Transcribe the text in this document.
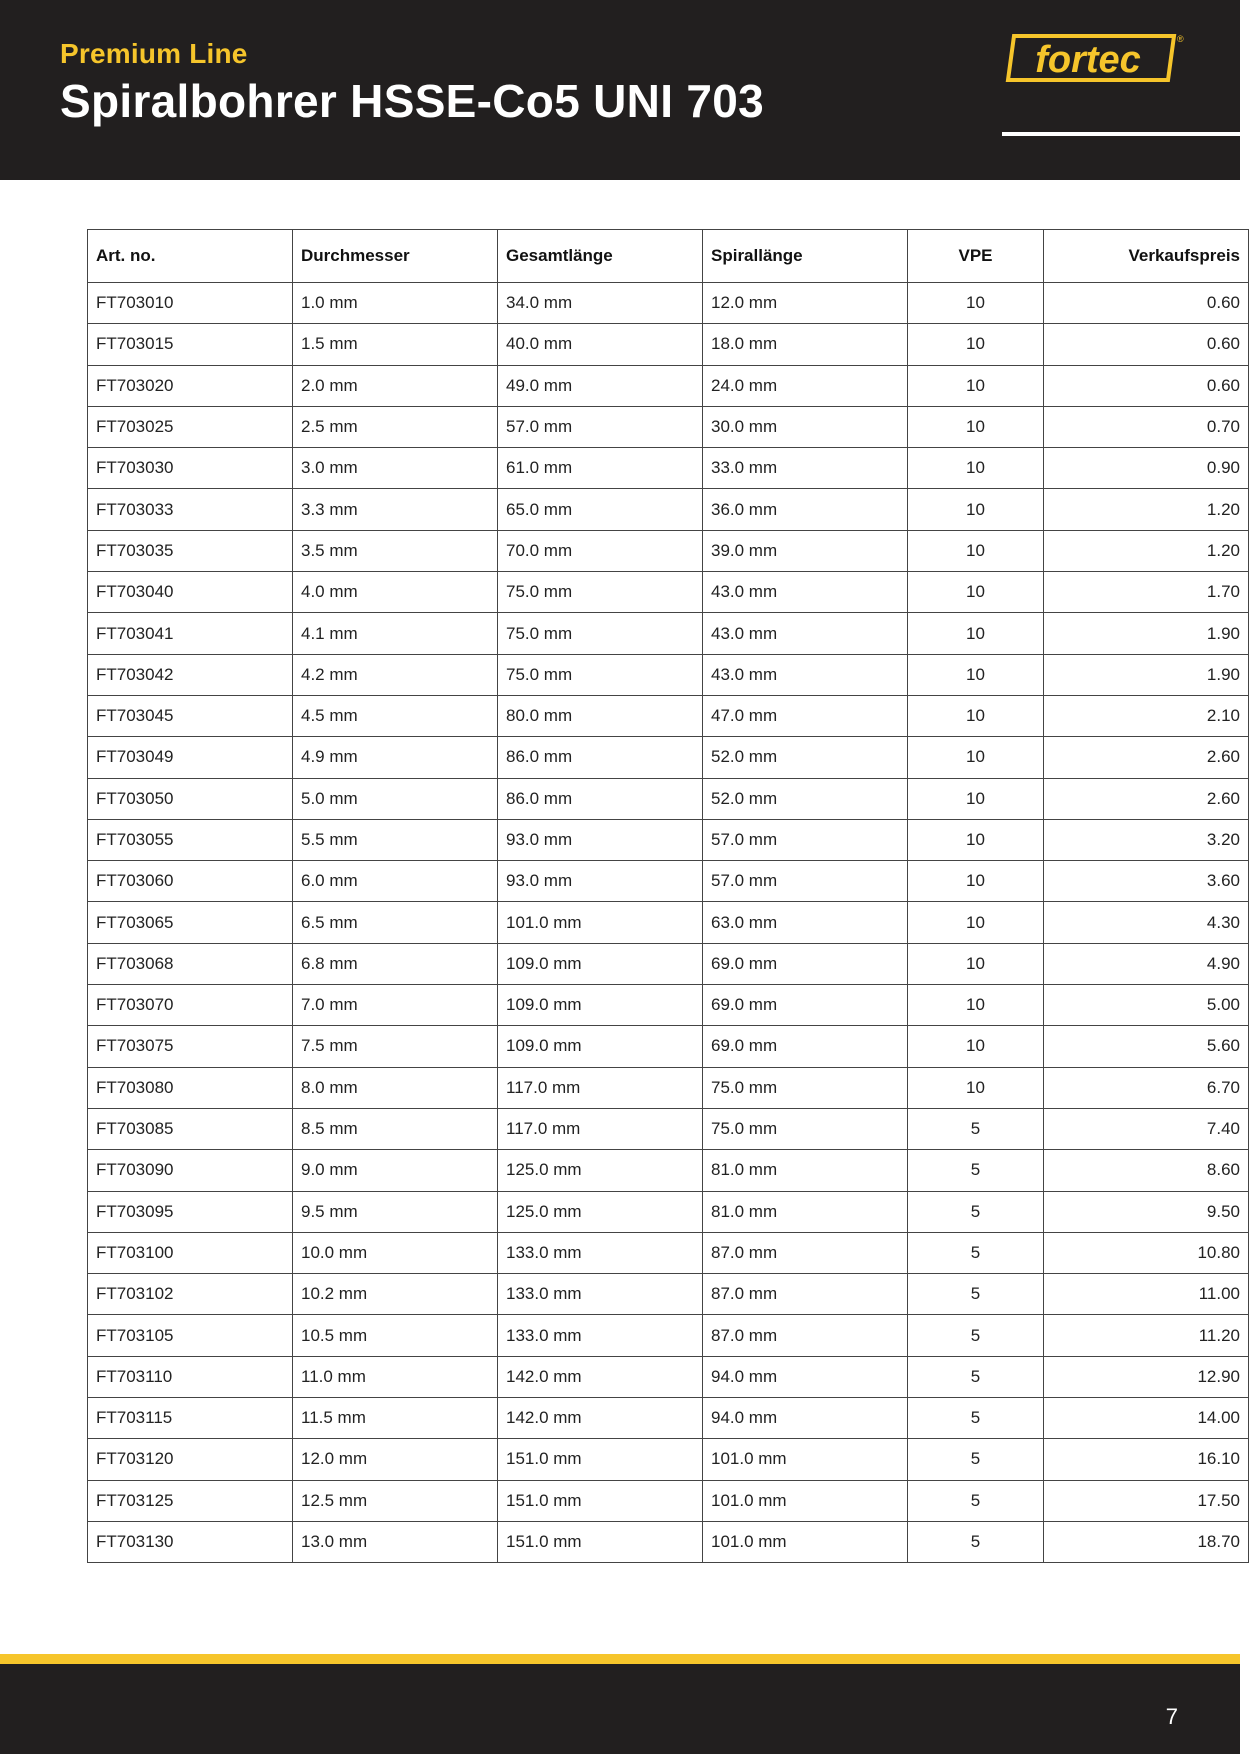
Premium Line
Spiralbohrer HSSE-Co5 UNI 703
fortec	®
Art. no.	Durchmesser	Gesamtlänge	Spirallänge	VPE	Verkaufspreis
FT703010	1.0 mm	34.0 mm	12.0 mm	10	0.60
FT703015	1.5 mm	40.0 mm	18.0 mm	10	0.60
FT703020	2.0 mm	49.0 mm	24.0 mm	10	0.60
FT703025	2.5 mm	57.0 mm	30.0 mm	10	0.70
FT703030	3.0 mm	61.0 mm	33.0 mm	10	0.90
FT703033	3.3 mm	65.0 mm	36.0 mm	10	1.20
FT703035	3.5 mm	70.0 mm	39.0 mm	10	1.20
FT703040	4.0 mm	75.0 mm	43.0 mm	10	1.70
FT703041	4.1 mm	75.0 mm	43.0 mm	10	1.90
FT703042	4.2 mm	75.0 mm	43.0 mm	10	1.90
FT703045	4.5 mm	80.0 mm	47.0 mm	10	2.10
FT703049	4.9 mm	86.0 mm	52.0 mm	10	2.60
FT703050	5.0 mm	86.0 mm	52.0 mm	10	2.60
FT703055	5.5 mm	93.0 mm	57.0 mm	10	3.20
FT703060	6.0 mm	93.0 mm	57.0 mm	10	3.60
FT703065	6.5 mm	101.0 mm	63.0 mm	10	4.30
FT703068	6.8 mm	109.0 mm	69.0 mm	10	4.90
FT703070	7.0 mm	109.0 mm	69.0 mm	10	5.00
FT703075	7.5 mm	109.0 mm	69.0 mm	10	5.60
FT703080	8.0 mm	117.0 mm	75.0 mm	10	6.70
FT703085	8.5 mm	117.0 mm	75.0 mm	5	7.40
FT703090	9.0 mm	125.0 mm	81.0 mm	5	8.60
FT703095	9.5 mm	125.0 mm	81.0 mm	5	9.50
FT703100	10.0 mm	133.0 mm	87.0 mm	5	10.80
FT703102	10.2 mm	133.0 mm	87.0 mm	5	11.00
FT703105	10.5 mm	133.0 mm	87.0 mm	5	11.20
FT703110	11.0 mm	142.0 mm	94.0 mm	5	12.90
FT703115	11.5 mm	142.0 mm	94.0 mm	5	14.00
FT703120	12.0 mm	151.0 mm	101.0 mm	5	16.10
FT703125	12.5 mm	151.0 mm	101.0 mm	5	17.50
FT703130	13.0 mm	151.0 mm	101.0 mm	5	18.70
7
